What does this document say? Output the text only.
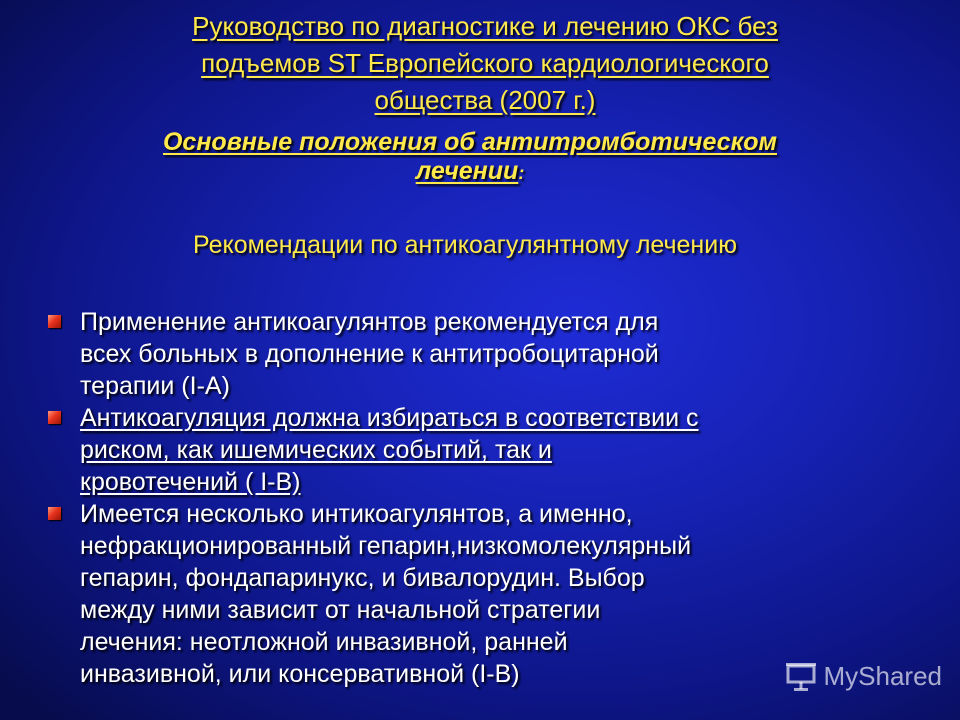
Руководство по диагностике и лечению ОКС без
подъемов ST Европейского кардиологического
общества (2007 г.)
Основные положения об антитромботическом
лечении:
Рекомендации по антикоагулянтному лечению
Применение антикоагулянтов рекомендуется для
всех больных в дополнение к антитробоцитарной
терапии (I-A)
Антикоагуляция должна избираться в соответствии с
риском, как ишемических событий, так и
кровотечений ( I-B)
Имеется несколько интикоагулянтов, а именно,
нефракционированный гепарин,низкомолекулярный
гепарин, фондапаринукс, и бивалорудин. Выбор
между ними зависит от начальной стратегии
лечения: неотложной инвазивной, ранней
инвазивной, или консервативной (I-B)	MyShared
